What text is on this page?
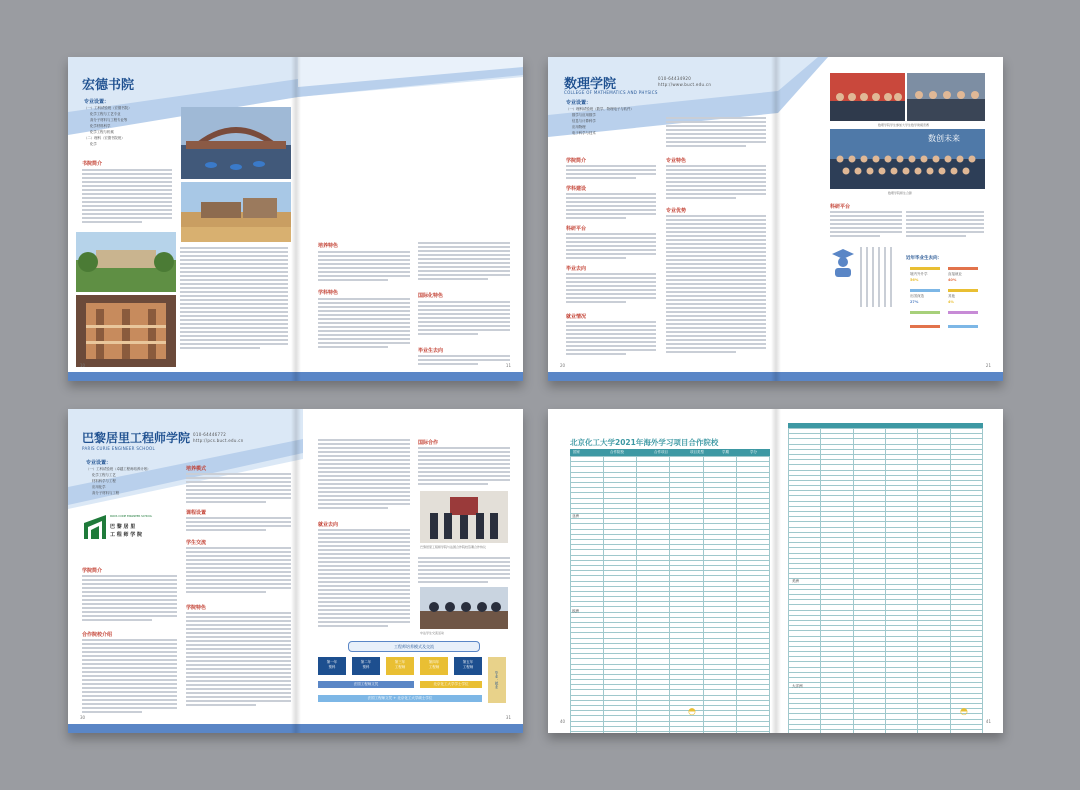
宏德书院
专业设置：
（一）工科试验班（宏德书院）
化学工程与工艺专业
高分子材料与工程专业等
化学材料科学
化学工程与机械
（二）理科（宏德书院班）
化学
书院简介
培养特色
学科特色	国际化特色
毕业生去向
10	11
数理学院
COLLEGE OF MATHEMATICS AND PHYSICS
010-64434920
http://www.buct.edu.cn
专业设置：
（一）理科试验班（数学、物理电子与软件）
数学与应用数学
信息与计算科学
应用物理
电子科学与技术
学院简介
学科建设
科研平台
毕业去向
就业情况
专业特色
专业优势
数理学院学生参加大学生数学建模竞赛
数创未来
数理学院师生合影
科研平台
近年毕业生去向：
境内外升学
56%
直接就业
40%
出国深造
27%
其他
4%
20	21
巴黎居里工程师学院
PARIS CURIE ENGINEER SCHOOL
010-64446772
http://pcs.buct.edu.cn
专业设置：
（一）工科试验班（卓越工程师培养计划）
化学工程与工艺
材料科学与工程
应用化学
高分子材料与工程
PARIS CURIE ENGINEER SCHOOL
巴 黎 居 里
工 程 师 学 院
学院简介
合作院校介绍
培养模式
课程设置
学生交流
学院特色
就业去向
国际合作
巴黎居里工程师学院与法国合作院校签署合作协议
中法学生交流活动
工程师培养模式及交流
第一年
预科
第二年
预科
第三年
工程师
第四年
工程师
第五年
工程师
毕业 · 就业
法国工程师文凭	北京化工大学学士学位
法国工程师文凭 + 北京化工大学硕士学位
30	31
北京化工大学2021年海外学习项目合作院校
国家	合作院校	合作项目	项目类型	学期	学分

亚洲
欧洲

美洲
大洋洲
◓	◓
40	41
